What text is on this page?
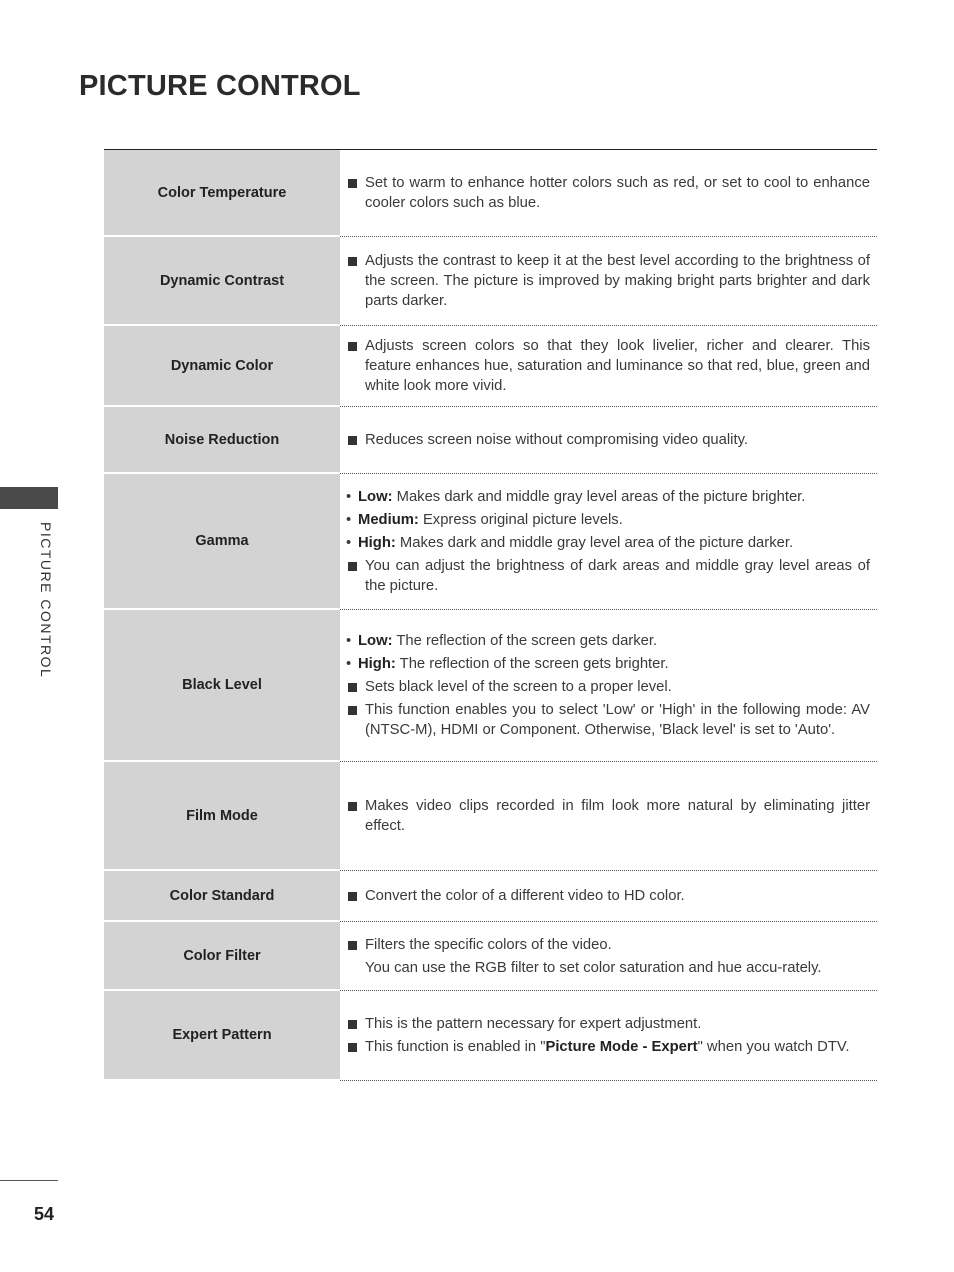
PICTURE CONTROL
PICTURE CONTROL
Color Temperature
Set to warm to enhance hotter colors such as red, or set to cool to enhance cooler colors such as blue.
Dynamic Contrast
Adjusts the contrast to keep it at the best level according to the brightness of the screen. The picture is improved by making bright parts brighter and dark parts darker.
Dynamic Color
Adjusts screen colors so that they look livelier, richer and clearer. This feature enhances hue, saturation and luminance so that red, blue, green and white look more vivid.
Noise Reduction	Reduces screen noise without compromising video quality.
Gamma
• Low: Makes dark and middle gray level areas of the picture brighter.
• Medium: Express original picture levels.
• High: Makes dark and middle gray level area of the picture darker.
You can adjust the brightness of dark areas and middle gray level areas of the picture.
Black Level
• Low: The reflection of the screen gets darker.
• High: The reflection of the screen gets brighter.
Sets black level of the screen to a proper level.
This function enables you to select 'Low' or 'High' in the following mode: AV (NTSC-M), HDMI or Component. Otherwise, 'Black level' is set to 'Auto'.
Film Mode
Makes video clips recorded in film look more natural by eliminating jitter effect.
Color Standard	Convert the color of a different video to HD color.
Color Filter
Filters the specific colors of the video.
You can use the RGB filter to set color saturation and hue accu-rately.
Expert Pattern
This is the pattern necessary for expert adjustment.
This function is enabled in "Picture Mode - Expert" when you watch DTV.
54
